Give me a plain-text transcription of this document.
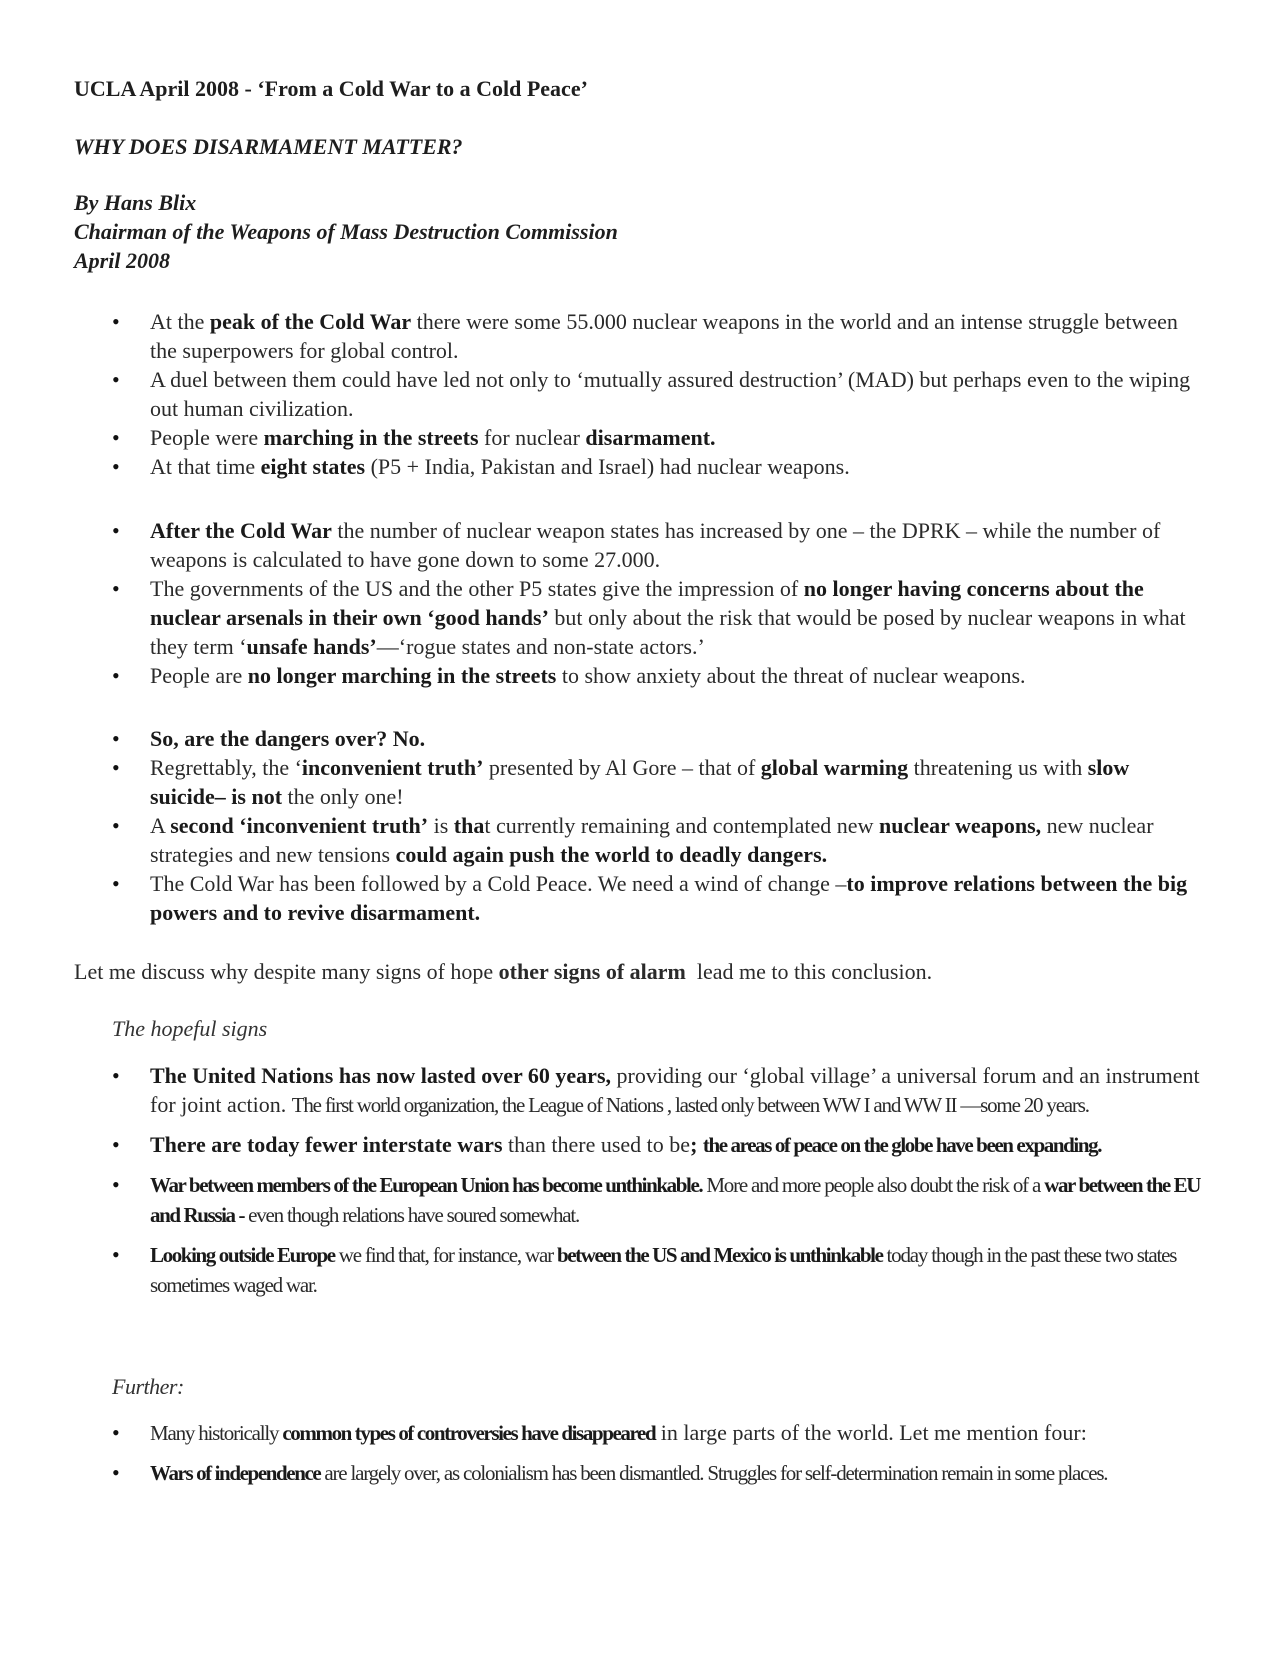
UCLA April 2008 - ‘From a Cold War to a Cold Peace’

WHY DOES DISARMAMENT MATTER?

By Hans Blix
Chairman of the Weapons of Mass Destruction Commission
April 2008
• At the peak of the Cold War there were some 55.000 nuclear weapons in the world and an intense struggle between the superpowers for global control.
• A duel between them could have led not only to ‘mutually assured destruction’ (MAD) but perhaps even to the wiping out human civilization.
• People were marching in the streets for nuclear disarmament.
• At that time eight states (P5 + India, Pakistan and Israel) had nuclear weapons.
• After the Cold War the number of nuclear weapon states has increased by one – the DPRK – while the number of weapons is calculated to have gone down to some 27.000.
• The governments of the US and the other P5 states give the impression of no longer having concerns about the nuclear arsenals in their own ‘good hands’ but only about the risk that would be posed by nuclear weapons in what they term ‘unsafe hands’—‘rogue states and non-state actors.’
• People are no longer marching in the streets to show anxiety about the threat of nuclear weapons.
• So, are the dangers over? No.
• Regrettably, the ‘inconvenient truth’ presented by Al Gore – that of global warming threatening us with slow suicide– is not the only one!
• A second ‘inconvenient truth’ is that currently remaining and contemplated new nuclear weapons, new nuclear strategies and new tensions could again push the world to deadly dangers.
• The Cold War has been followed by a Cold Peace. We need a wind of change –to improve relations between the big powers and to revive disarmament.

Let me discuss why despite many signs of hope other signs of alarm  lead me to this conclusion.

The hopeful signs

• The United Nations has now lasted over 60 years, providing our ‘global village’ a universal forum and an instrument for joint action. The first world organization, the League of Nations , lasted only between WW I and WW II —some 20 years.
• There are today fewer interstate wars than there used to be; the areas of peace on the globe have been expanding.
• War between members of the European Union has become unthinkable. More and more people also doubt the risk of a war between the EU and Russia - even though relations have soured somewhat.
• Looking outside Europe we find that, for instance, war between the US and Mexico is unthinkable today though in the past these two states sometimes waged war.

Further:

• Many historically common types of controversies have disappeared in large parts of the world. Let me mention four:
• Wars of independence are largely over, as colonialism has been dismantled. Struggles for self-determination remain in some places.
